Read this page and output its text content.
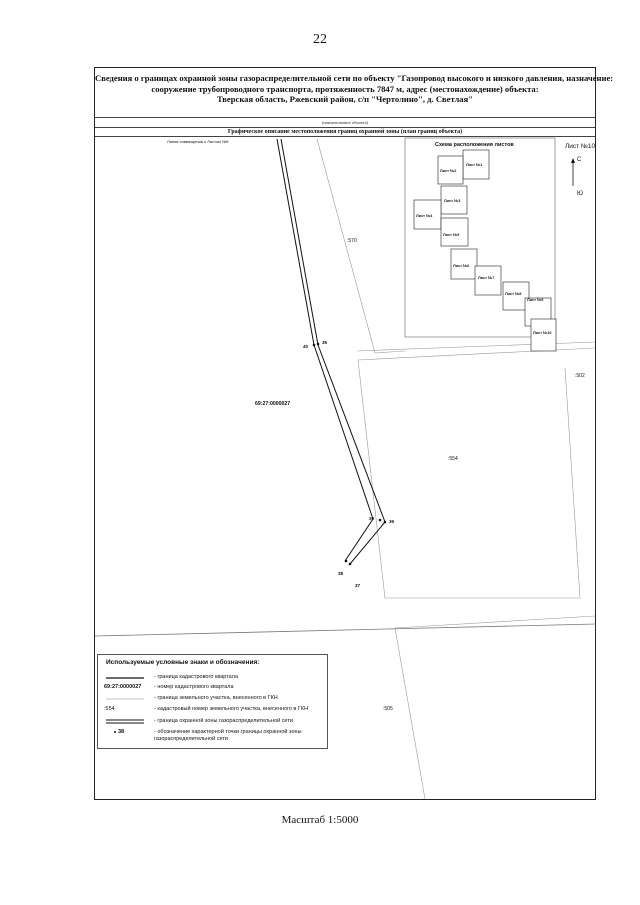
22
Сведения о границах охранной зоны газораспределительной сети по объекту "Газопровод высокого и низкого давления, назначение:
сооружение трубопроводного транспорта, протяженность 7847 м, адрес (местонахождение) объекта:
Тверская область, Ржевский район, с/п "Чертолино", д. Светлая"
(наименование объекта)
Графическое описание местоположения границ охранной зоны (план границ объекта)
35
40
36
39
37
38
Линия совмещения с Листом №9
69:27:0000027
:570
:502
:554
:505
Лист №10
С
Ю
Схема расположения листов
Лист №1
Лист №2
Лист №3
Лист №4
Лист №5
Лист №6
Лист №7
Лист №8
Лист №9
Лист №10
Используемые условные знаки и обозначения:
- граница кадастрового квартала
69:27:0000027	- номер кадастрового квартала
- граница земельного участка, внесенного в ГКН
:554	- кадастровый номер земельного участка, внесенного в ГКН
- граница охранной зоны газораспределительной сети
38	- обозначение характерной точки границы охранной зоны газораспределительной сети
Масштаб 1:5000
